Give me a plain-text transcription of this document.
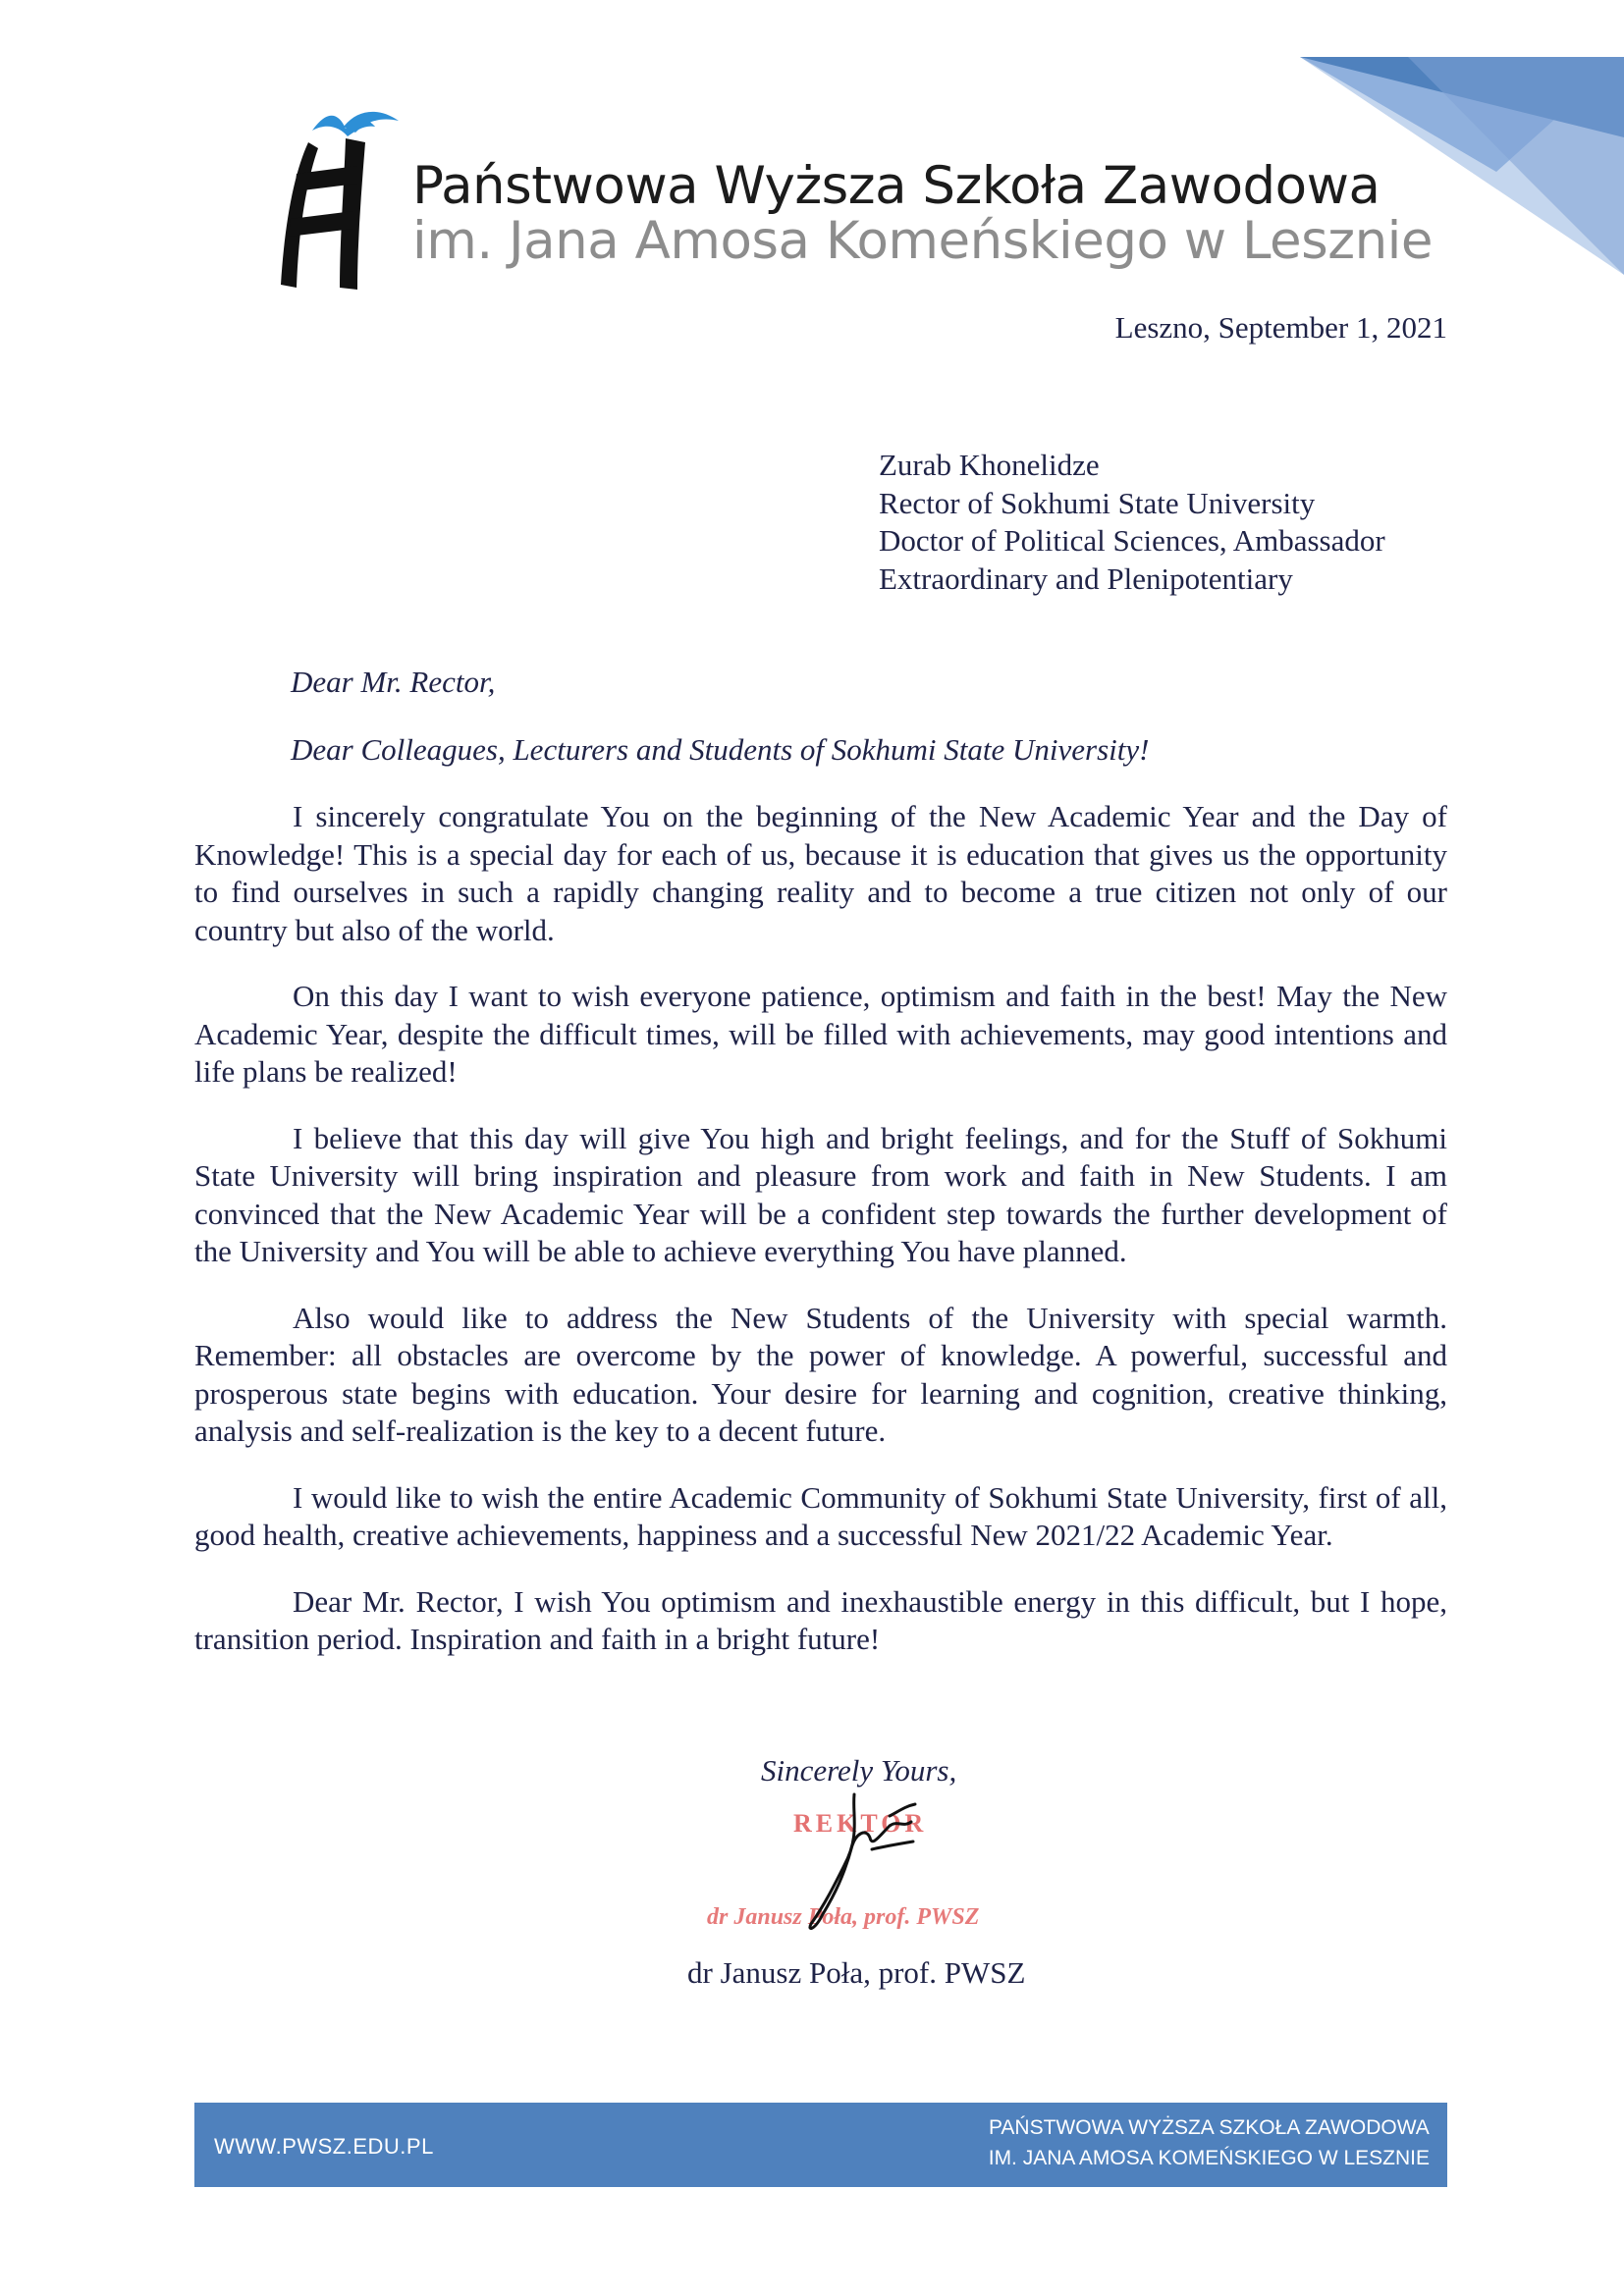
Państwowa Wyższa Szkoła Zawodowa
im. Jana Amosa Komeńskiego w Lesznie
Leszno, September 1, 2021
Zurab Khonelidze
Rector of Sokhumi State University
Doctor of Political Sciences, Ambassador
Extraordinary and Plenipotentiary
Dear Mr. Rector,
Dear Colleagues, Lecturers and Students of Sokhumi State University!

I sincerely congratulate You on the beginning of the New Academic Year and the Day of Knowledge! This is a special day for each of us, because it is education that gives us the opportunity to find ourselves in such a rapidly changing reality and to become a true citizen not only of our country but also of the world.

On this day I want to wish everyone patience, optimism and faith in the best! May the New Academic Year, despite the difficult times, will be filled with achievements, may good intentions and life plans be realized!

I believe that this day will give You high and bright feelings, and for the Stuff of Sokhumi State University will bring inspiration and pleasure from work and faith in New Students. I am convinced that the New Academic Year will be a confident step towards the further development of the University and You will be able to achieve everything You have planned.

Also would like to address the New Students of the University with special warmth. Remember: all obstacles are overcome by the power of knowledge. A powerful, successful and prosperous state begins with education. Your desire for learning and cognition, creative thinking, analysis and self-realization is the key to a decent future.

I would like to wish the entire Academic Community of Sokhumi State University, first of all, good health, creative achievements, happiness and a successful New 2021/22 Academic Year.

Dear Mr. Rector, I wish You optimism and inexhaustible energy in this difficult, but I hope, transition period. Inspiration and faith in a bright future!

Sincerely Yours,
REKTOR
dr Janusz Poła, prof. PWSZ
dr Janusz Poła, prof. PWSZ
WWW.PWSZ.EDU.PL
PAŃSTWOWA WYŻSZA SZKOŁA ZAWODOWA
IM. JANA AMOSA KOMEŃSKIEGO W LESZNIE
